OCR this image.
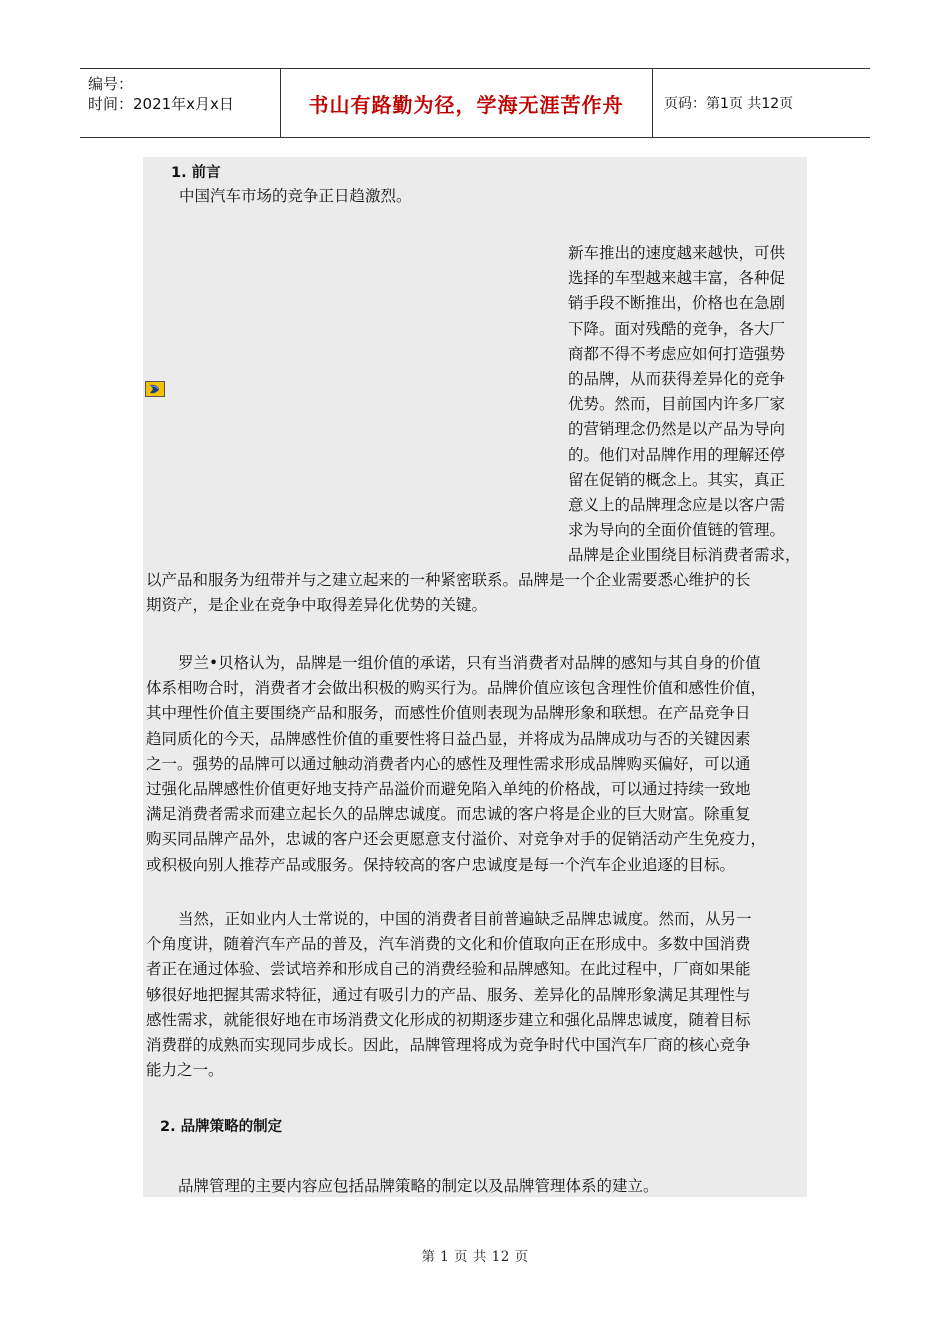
编号：
时间：2021年x月x日	书山有路勤为径，学海无涯苦作舟	页码：第1页 共12页
1. 前言
中国汽车市场的竞争正日趋激烈。
新车推出的速度越来越快，可供
选择的车型越来越丰富，各种促
销手段不断推出，价格也在急剧
下降。面对残酷的竞争，各大厂
商都不得不考虑应如何打造强势
的品牌，从而获得差异化的竞争
优势。然而，目前国内许多厂家
的营销理念仍然是以产品为导向
的。他们对品牌作用的理解还停
留在促销的概念上。其实，真正
意义上的品牌理念应是以客户需
求为导向的全面价值链的管理。
品牌是企业围绕目标消费者需求，
以产品和服务为纽带并与之建立起来的一种紧密联系。品牌是一个企业需要悉心维护的长
期资产，是企业在竞争中取得差异化优势的关键。
罗兰•贝格认为，品牌是一组价值的承诺，只有当消费者对品牌的感知与其自身的价值
体系相吻合时，消费者才会做出积极的购买行为。品牌价值应该包含理性价值和感性价值，
其中理性价值主要围绕产品和服务，而感性价值则表现为品牌形象和联想。在产品竞争日
趋同质化的今天，品牌感性价值的重要性将日益凸显，并将成为品牌成功与否的关键因素
之一。强势的品牌可以通过触动消费者内心的感性及理性需求形成品牌购买偏好，可以通
过强化品牌感性价值更好地支持产品溢价而避免陷入单纯的价格战，可以通过持续一致地
满足消费者需求而建立起长久的品牌忠诚度。而忠诚的客户将是企业的巨大财富。除重复
购买同品牌产品外，忠诚的客户还会更愿意支付溢价、对竞争对手的促销活动产生免疫力，
或积极向别人推荐产品或服务。保持较高的客户忠诚度是每一个汽车企业追逐的目标。
当然，正如业内人士常说的，中国的消费者目前普遍缺乏品牌忠诚度。然而，从另一
个角度讲，随着汽车产品的普及，汽车消费的文化和价值取向正在形成中。多数中国消费
者正在通过体验、尝试培养和形成自己的消费经验和品牌感知。在此过程中，厂商如果能
够很好地把握其需求特征，通过有吸引力的产品、服务、差异化的品牌形象满足其理性与
感性需求，就能很好地在市场消费文化形成的初期逐步建立和强化品牌忠诚度，随着目标
消费群的成熟而实现同步成长。因此，品牌管理将成为竞争时代中国汽车厂商的核心竞争
能力之一。
2. 品牌策略的制定
品牌管理的主要内容应包括品牌策略的制定以及品牌管理体系的建立。
第 1 页 共 12 页
